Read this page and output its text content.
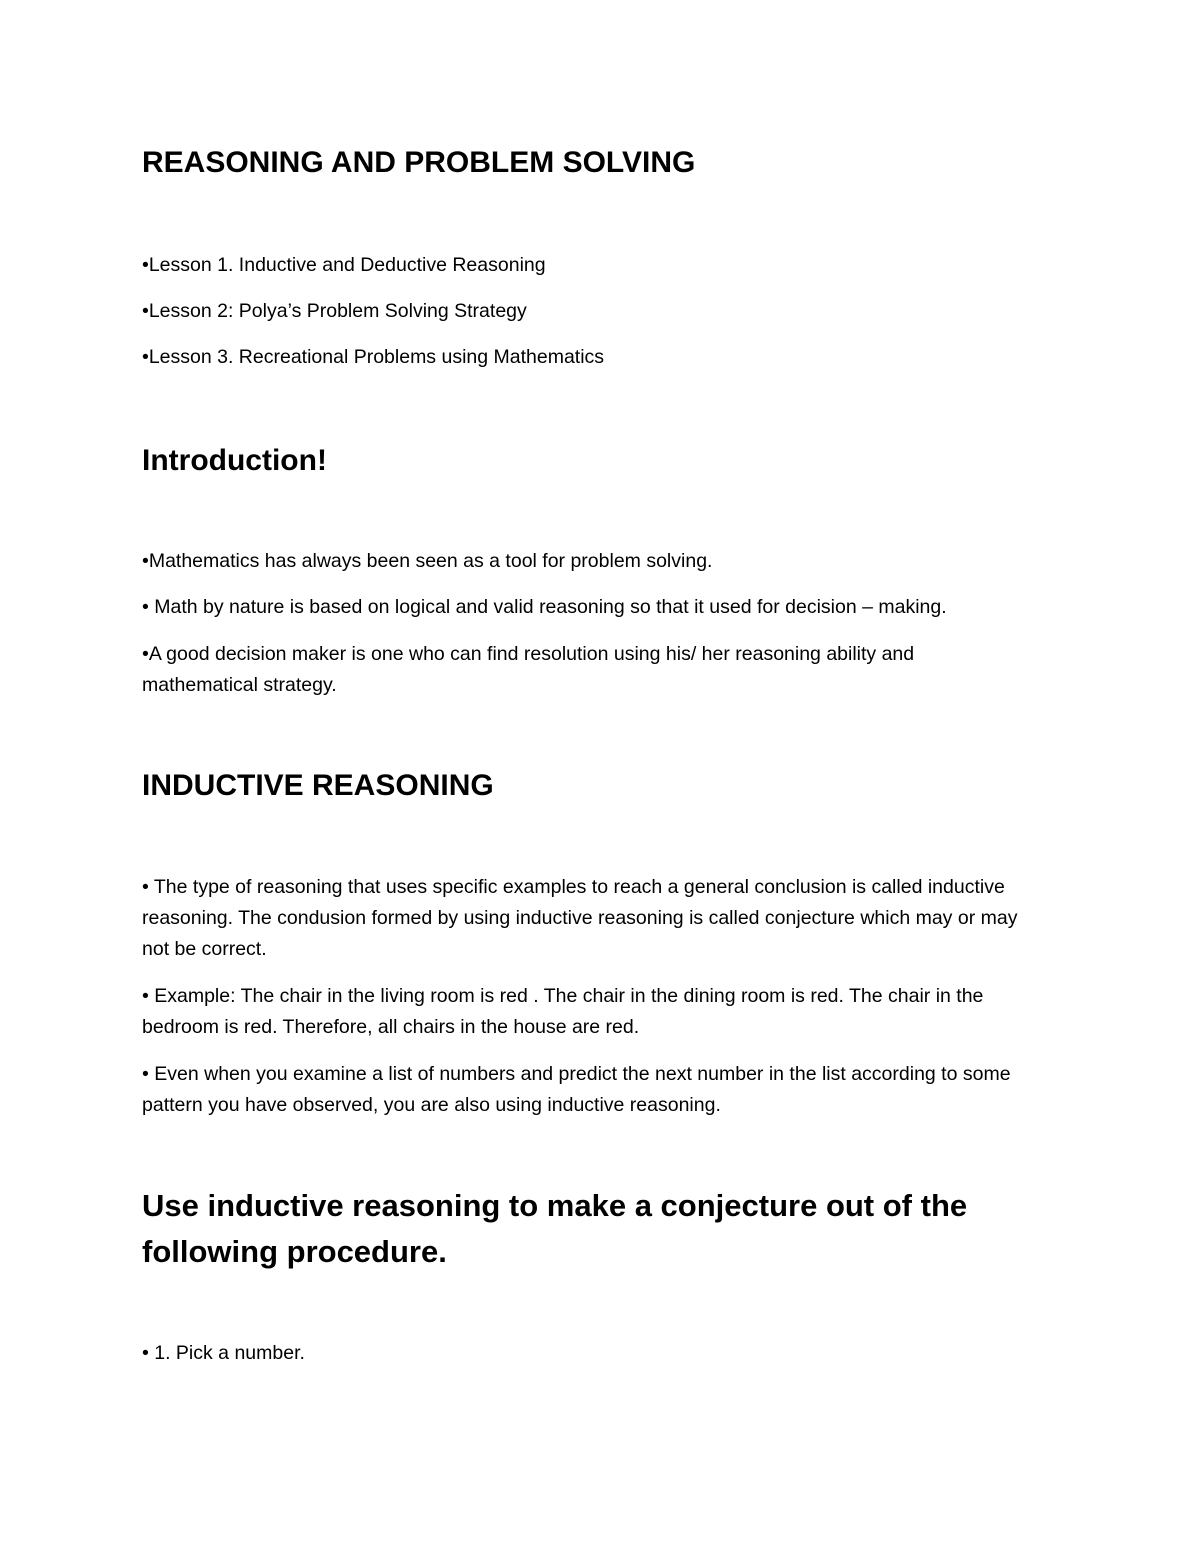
REASONING AND PROBLEM SOLVING

•Lesson 1. Inductive and Deductive Reasoning

•Lesson 2: Polya’s Problem Solving Strategy

•Lesson 3. Recreational Problems using Mathematics

Introduction!

•Mathematics has always been seen as a tool for problem solving.

• Math by nature is based on logical and valid reasoning so that it used for decision – making.

•A good decision maker is one who can find resolution using his/ her reasoning ability and mathematical strategy.

INDUCTIVE REASONING

• The type of reasoning that uses specific examples to reach a general conclusion is called inductive reasoning. The condusion formed by using inductive reasoning is called conjecture which may or may not be correct.

• Example: The chair in the living room is red . The chair in the dining room is red. The chair in the bedroom is red. Therefore, all chairs in the house are red.

• Even when you examine a list of numbers and predict the next number in the list according to some pattern you have observed, you are also using inductive reasoning.

Use inductive reasoning to make a conjecture out of the following procedure.

• 1. Pick a number.
